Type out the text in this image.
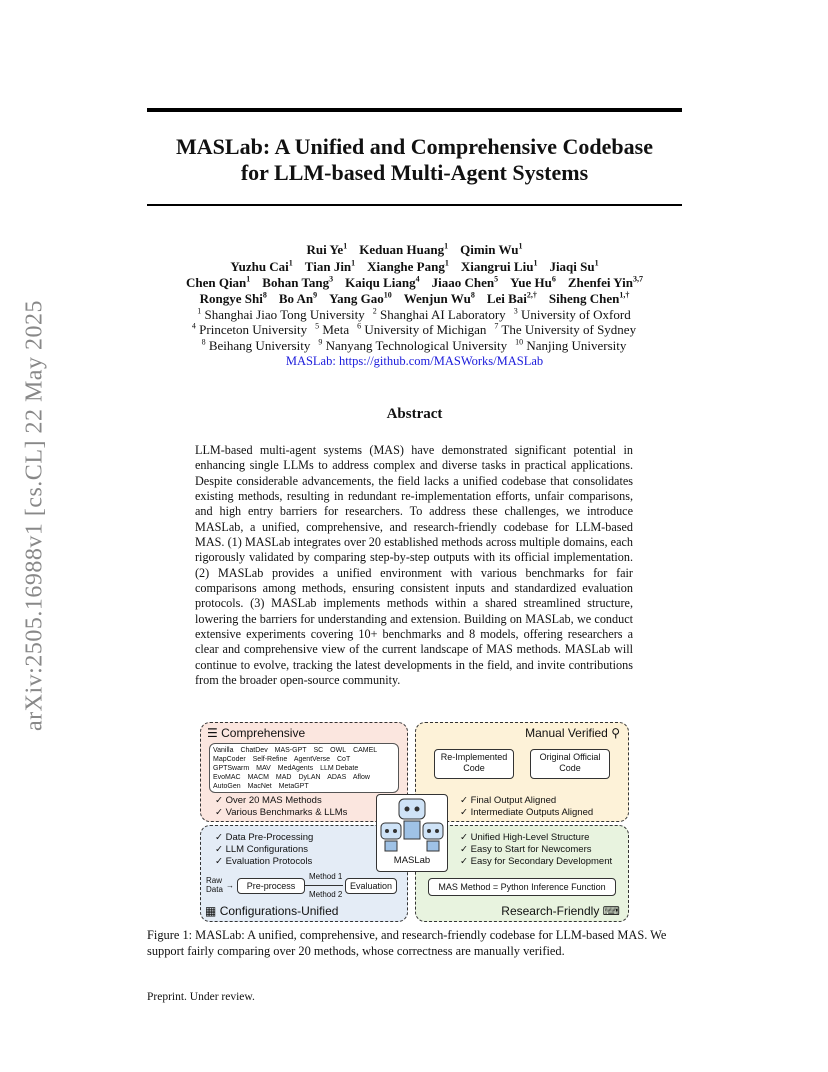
arXiv:2505.16988v1 [cs.CL] 22 May 2025
MASLab: A Unified and Comprehensive Codebase
for LLM-based Multi-Agent Systems
Rui Ye$^1$ Keduan Huang$^1$ Qimin Wu$^1$
Yuzhu Cai$^1$ Tian Jin$^1$ Xianghe Pang$^1$ Xiangrui Liu$^1$ Jiaqi Su$^1$
Chen Qian$^1$ Bohan Tang$^3$ Kaiqu Liang$^4$ Jiaao Chen$^5$ Yue Hu$^6$ Zhenfei Yin$^{3,7}$
Rongye Shi$^8$ Bo An$^9$ Yang Gao$^{10}$ Wenjun Wu$^8$ Lei Bai$^{2,\dagger}$ Siheng Chen$^{1,\dagger}$
$^1$ Shanghai Jiao Tong University $^2$ Shanghai AI Laboratory $^3$ University of Oxford
$^4$ Princeton University $^5$ Meta $^6$ University of Michigan $^7$ The University of Sydney
$^8$ Beihang University $^9$ Nanyang Technological University $^{10}$ Nanjing University
MASLab: https://github.com/MASWorks/MASLab
Abstract
LLM-based multi-agent systems (MAS) have demonstrated significant potential in enhancing single LLMs to address complex and diverse tasks in practical applications. Despite considerable advancements, the field lacks a unified codebase that consolidates existing methods, resulting in redundant re-implementation efforts, unfair comparisons, and high entry barriers for researchers. To address these challenges, we introduce MASLab, a unified, comprehensive, and research-friendly codebase for LLM-based MAS. (1) MASLab integrates over 20 established methods across multiple domains, each rigorously validated by comparing step-by-step outputs with its official implementation. (2) MASLab provides a unified environment with various benchmarks for fair comparisons among methods, ensuring consistent inputs and standardized evaluation protocols. (3) MASLab implements methods within a shared streamlined structure, lowering the barriers for understanding and extension. Building on MASLab, we conduct extensive experiments covering 10+ benchmarks and 8 models, offering researchers a clear and comprehensive view of the current landscape of MAS methods. MASLab will continue to evolve, tracking the latest developments in the field, and invite contributions from the broader open-source community.
☰ Comprehensive
Vanilla ChatDev MAS-GPT SC OWL CAMEL MapCoder Self-Refine AgentVerse CoT GPTSwarm MAV MedAgents LLM Debate EvoMAC MACM MAD DyLAN ADAS Aflow AutoGen MacNet MetaGPT
✓ Over 20 MAS Methods
✓ Various Benchmarks & LLMs
Manual Verified ⚲
Re-Implemented Code
Original Official Code
✓ Final Output Aligned
✓ Intermediate Outputs Aligned
✓ Data Pre-Processing
✓ LLM Configurations
✓ Evaluation Protocols
Raw Data →	Pre-process
Method 1
Method 2
Evaluation
▦ Configurations-Unified
✓ Unified High-Level Structure
✓ Easy to Start for Newcomers
✓ Easy for Secondary Development
MAS Method = Python Inference Function
Research-Friendly ⌨
MASLab
Figure 1: MASLab: A unified, comprehensive, and research-friendly codebase for LLM-based MAS. We support fairly comparing over 20 methods, whose correctness are manually verified.
Preprint. Under review.
